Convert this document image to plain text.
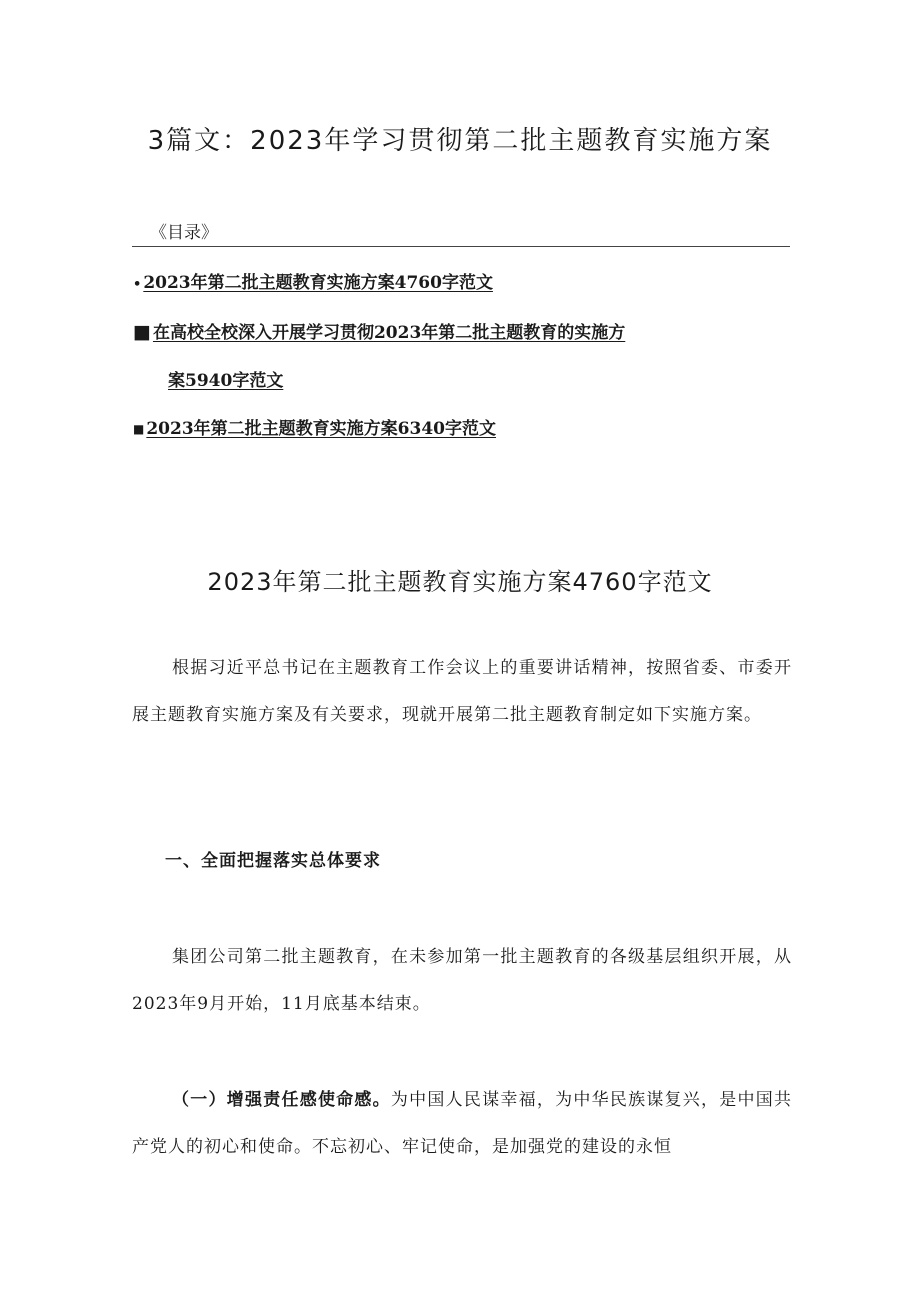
3篇文：2023年学习贯彻第二批主题教育实施方案
《目录》
• 2023年第二批主题教育实施方案4760字范文
■ 在高校全校深入开展学习贯彻2023年第二批主题教育的实施方
案5940字范文
■ 2023年第二批主题教育实施方案6340字范文
2023年第二批主题教育实施方案4760字范文
根据习近平总书记在主题教育工作会议上的重要讲话精神，按照省委、市委开展主题教育实施方案及有关要求，现就开展第二批主题教育制定如下实施方案。
一、全面把握落实总体要求
集团公司第二批主题教育，在未参加第一批主题教育的各级基层组织开展，从2023年9月开始，11月底基本结束。
（一）增强责任感使命感。为中国人民谋幸福，为中华民族谋复兴，是中国共产党人的初心和使命。不忘初心、牢记使命，是加强党的建设的永恒
